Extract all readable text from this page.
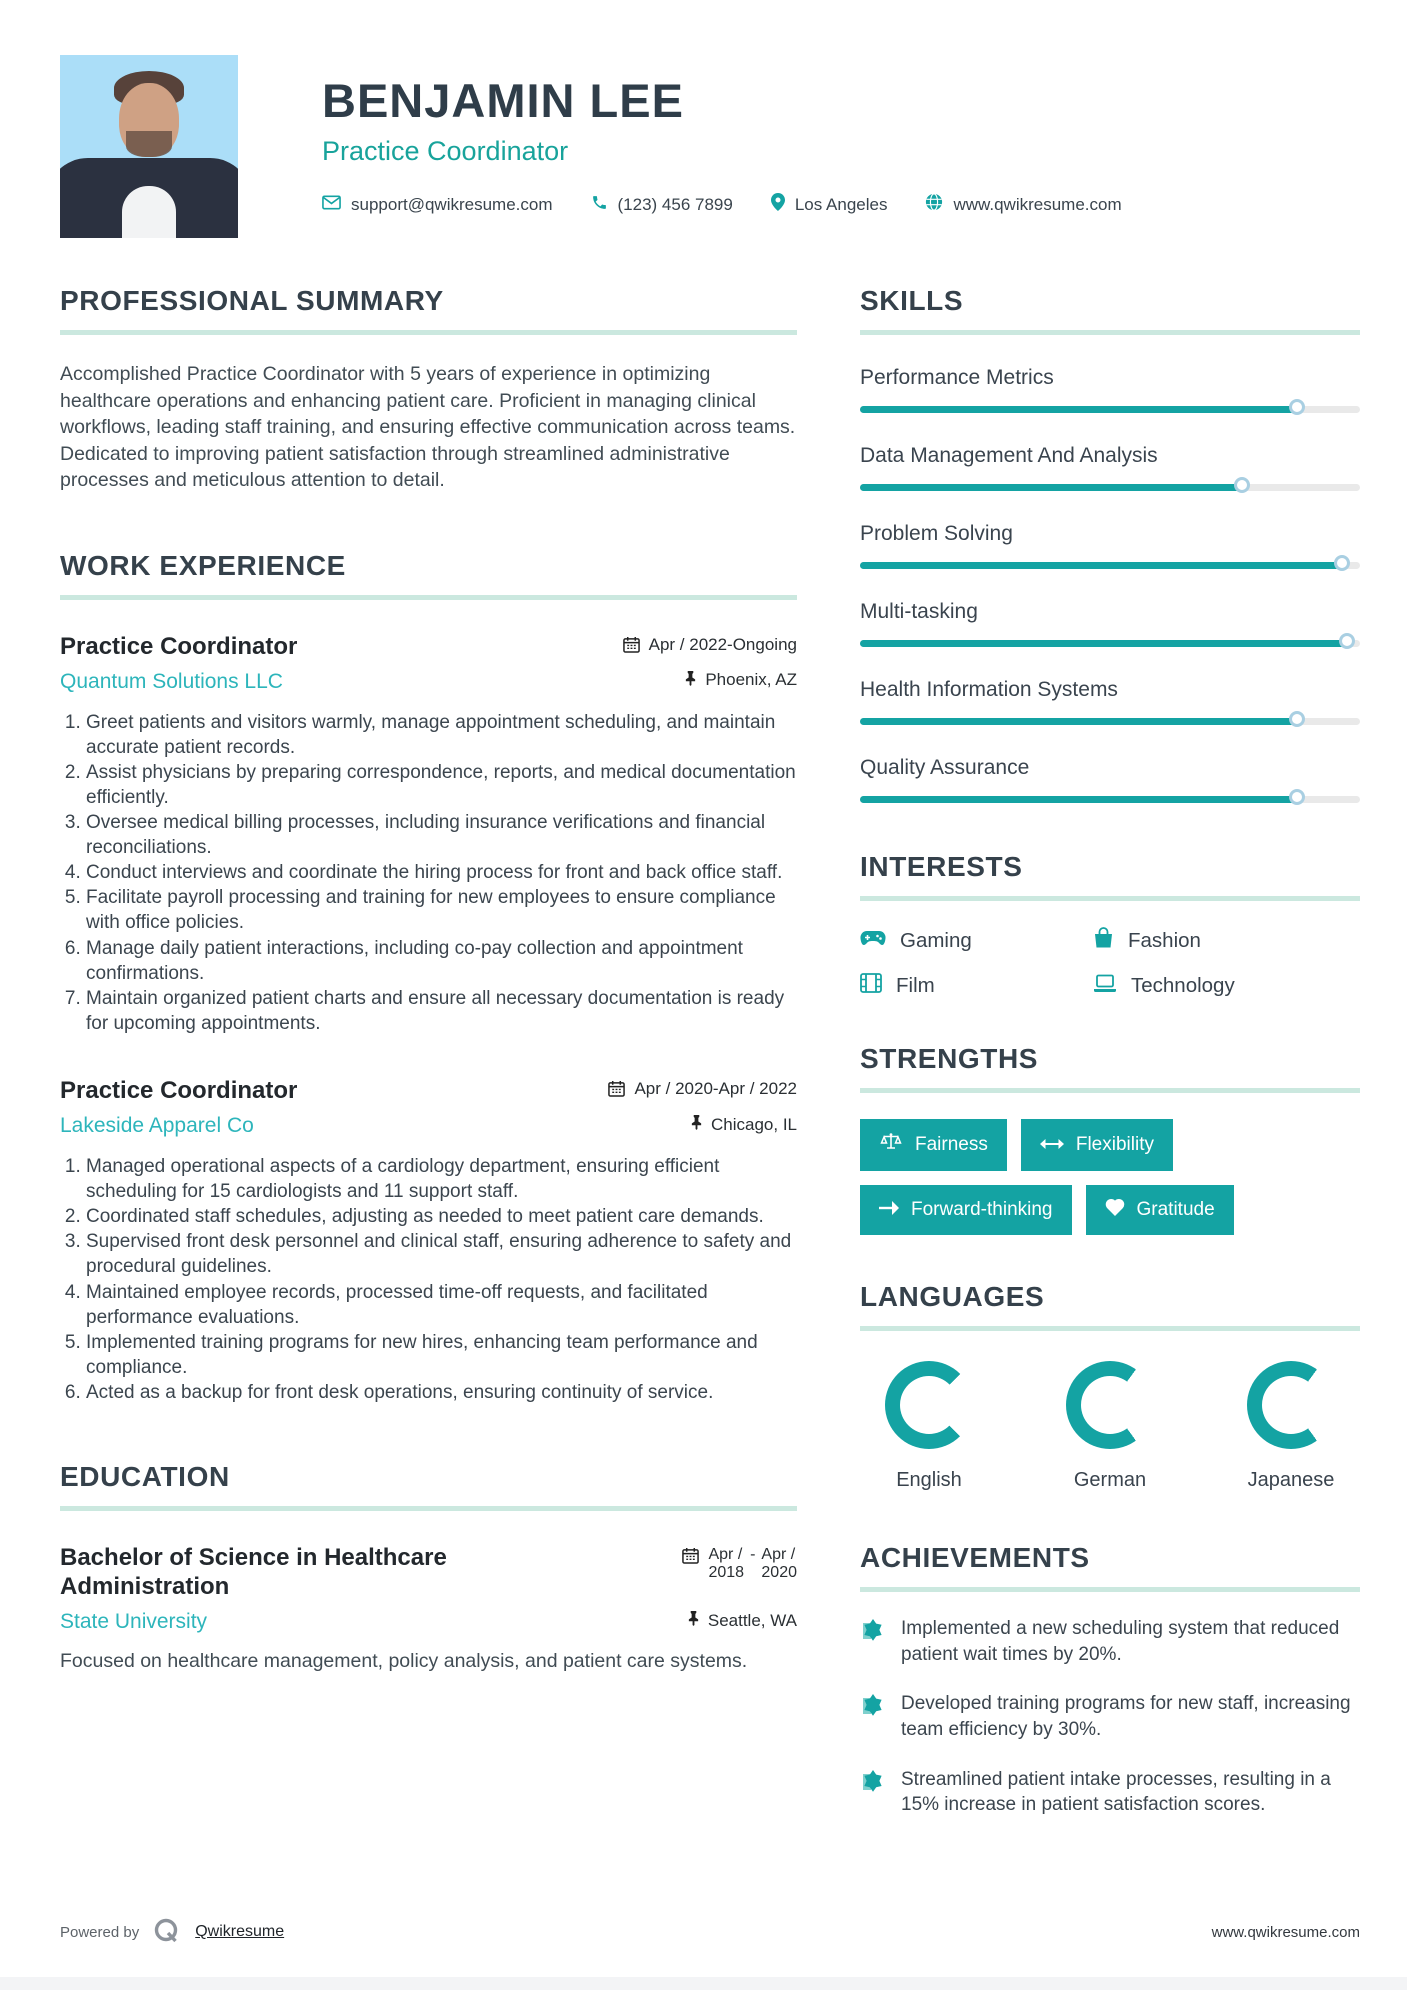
BENJAMIN LEE
Practice Coordinator
support@qwikresume.com	(123) 456 7899	Los Angeles	www.qwikresume.com
PROFESSIONAL SUMMARY

Accomplished Practice Coordinator with 5 years of experience in optimizing healthcare operations and enhancing patient care. Proficient in managing clinical workflows, leading staff training, and ensuring effective communication across teams. Dedicated to improving patient satisfaction through streamlined administrative processes and meticulous attention to detail.

WORK EXPERIENCE
Practice Coordinator	Apr / 2022-Ongoing
Quantum Solutions LLC	Phoenix, AZ
1. Greet patients and visitors warmly, manage appointment scheduling, and maintain accurate patient records.
2. Assist physicians by preparing correspondence, reports, and medical documentation efficiently.
3. Oversee medical billing processes, including insurance verifications and financial reconciliations.
4. Conduct interviews and coordinate the hiring process for front and back office staff.
5. Facilitate payroll processing and training for new employees to ensure compliance with office policies.
6. Manage daily patient interactions, including co-pay collection and appointment confirmations.
7. Maintain organized patient charts and ensure all necessary documentation is ready for upcoming appointments.
Practice Coordinator	Apr / 2020-Apr / 2022
Lakeside Apparel Co	Chicago, IL
1. Managed operational aspects of a cardiology department, ensuring efficient scheduling for 15 cardiologists and 11 support staff.
2. Coordinated staff schedules, adjusting as needed to meet patient care demands.
3. Supervised front desk personnel and clinical staff, ensuring adherence to safety and procedural guidelines.
4. Maintained employee records, processed time-off requests, and facilitated performance evaluations.
5. Implemented training programs for new hires, enhancing team performance and compliance.
6. Acted as a backup for front desk operations, ensuring continuity of service.
EDUCATION
Bachelor of Science in Healthcare Administration
Apr /
2018
- Apr /
2020
State University	Seattle, WA

Focused on healthcare management, policy analysis, and patient care systems.

SKILLS
Performance Metrics
Data Management And Analysis
Problem Solving
Multi-tasking
Health Information Systems
Quality Assurance
INTERESTS
Gaming	Fashion
Film	Technology
STRENGTHS
Fairness	Flexibility
Forward-thinking	Gratitude
LANGUAGES
English	German	Japanese
ACHIEVEMENTS
Implemented a new scheduling system that reduced patient wait times by 20%.
Developed training programs for new staff, increasing team efficiency by 30%.
Streamlined patient intake processes, resulting in a 15% increase in patient satisfaction scores.
Powered by	Qwikresume	www.qwikresume.com
